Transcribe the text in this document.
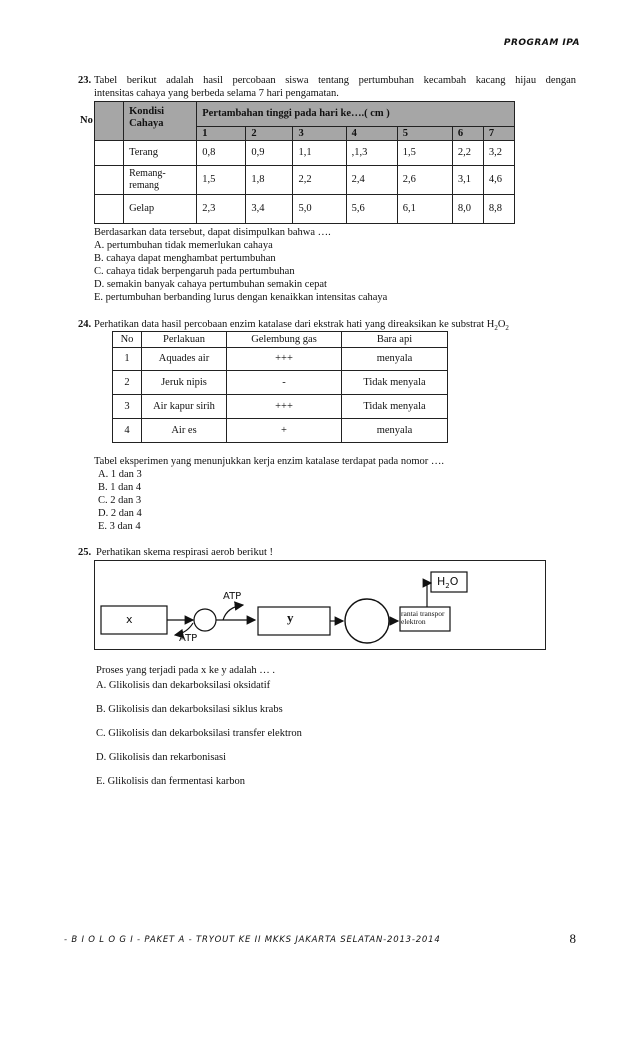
PROGRAM IPA
23. Tabel berikut adalah hasil percobaan siswa tentang pertumbuhan kecambah kacang hijau dengan
intensitas cahaya yang berbeda selama 7 hari pengamatan.
No
	Kondisi Cahaya	Pertambahan tinggi pada hari ke….( cm )						
		1	2	3	4	5	6	7
	Terang	0,8	0,9	1,1	,1,3	1,5	2,2	3,2
	Remang-remang	1,5	1,8	2,2	2,4	2,6	3,1	4,6
	Gelap	2,3	3,4	5,0	5,6	6,1	8,0	8,8
Berdasarkan data tersebut, dapat disimpulkan bahwa ….
A. pertumbuhan tidak memerlukan cahaya
B. cahaya dapat menghambat pertumbuhan
C. cahaya tidak berpengaruh pada pertumbuhan
D. semakin banyak cahaya pertumbuhan semakin cepat
E. pertumbuhan berbanding lurus dengan kenaikkan intensitas cahaya
24. Perhatikan data hasil percobaan enzim katalase dari ekstrak hati yang direaksikan ke substrat $H_2O_2$
No	Perlakuan	Gelembung gas	Bara api
1	Aquades air	+++	menyala
2	Jeruk nipis	-	Tidak menyala
3	Air kapur sirih	+++	Tidak menyala
4	Air es	+	menyala
Tabel eksperimen yang menunjukkan kerja enzim katalase terdapat pada nomor ….
A. 1 dan 3
B. 1 dan 4
C. 2 dan 3
D. 2 dan 4
E. 3 dan 4
25. Perhatikan skema respirasi aerob berikut !
x	y
ATP
ATP
$H_2O$
rantai transpor
elektron
Proses yang terjadi pada x ke y adalah … .
A. Glikolisis dan dekarboksilasi oksidatif
B. Glikolisis dan dekarboksilasi siklus krabs
C. Glikolisis dan dekarboksilasi transfer elektron
D. Glikolisis dan rekarbonisasi
E. Glikolisis dan fermentasi karbon
- B I O L O G I - PAKET A - TRYOUT KE II MKKS JAKARTA SELATAN-2013-2014	8
